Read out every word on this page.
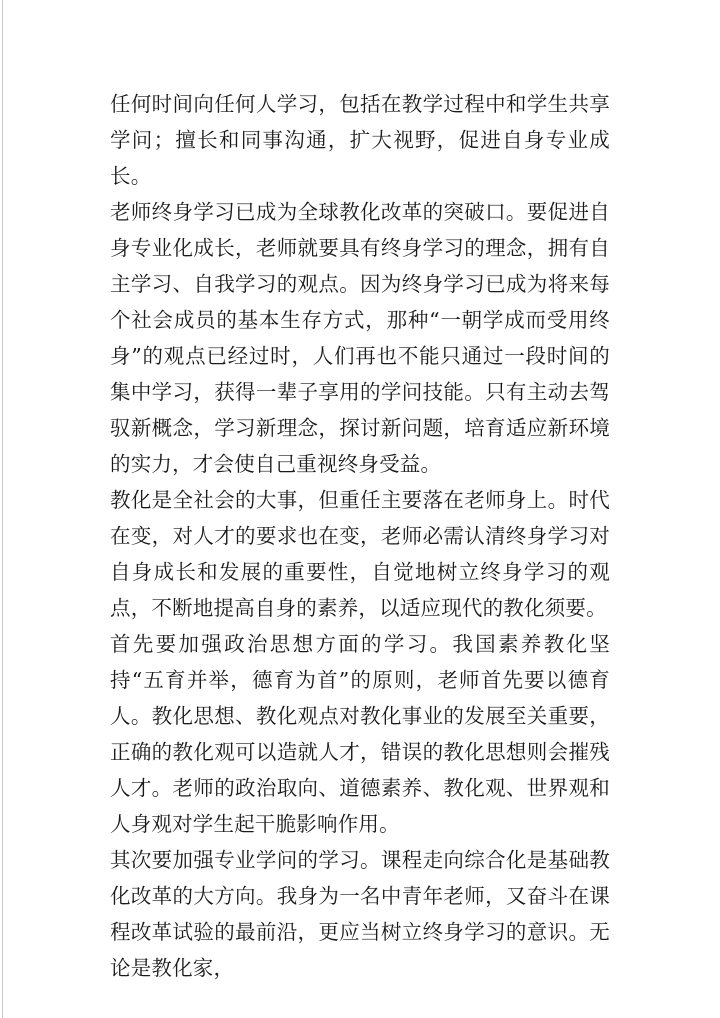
任何时间向任何人学习，包括在教学过程中和学生共享学问；擅长和同事沟通，扩大视野，促进自身专业成长。

老师终身学习已成为全球教化改革的突破口。要促进自身专业化成长，老师就要具有终身学习的理念，拥有自主学习、自我学习的观点。因为终身学习已成为将来每个社会成员的基本生存方式，那种“一朝学成而受用终身”的观点已经过时，人们再也不能只通过一段时间的集中学习，获得一辈子享用的学问技能。只有主动去驾驭新概念，学习新理念，探讨新问题，培育适应新环境的实力，才会使自己重视终身受益。

教化是全社会的大事，但重任主要落在老师身上。时代在变，对人才的要求也在变，老师必需认清终身学习对自身成长和发展的重要性，自觉地树立终身学习的观点，不断地提高自身的素养，以适应现代的教化须要。

首先要加强政治思想方面的学习。我国素养教化坚持“五育并举，德育为首”的原则，老师首先要以德育人。教化思想、教化观点对教化事业的发展至关重要，正确的教化观可以造就人才，错误的教化思想则会摧残人才。老师的政治取向、道德素养、教化观、世界观和人身观对学生起干脆影响作用。

其次要加强专业学问的学习。课程走向综合化是基础教化改革的大方向。我身为一名中青年老师，又奋斗在课程改革试验的最前沿，更应当树立终身学习的意识。无论是教化家，
